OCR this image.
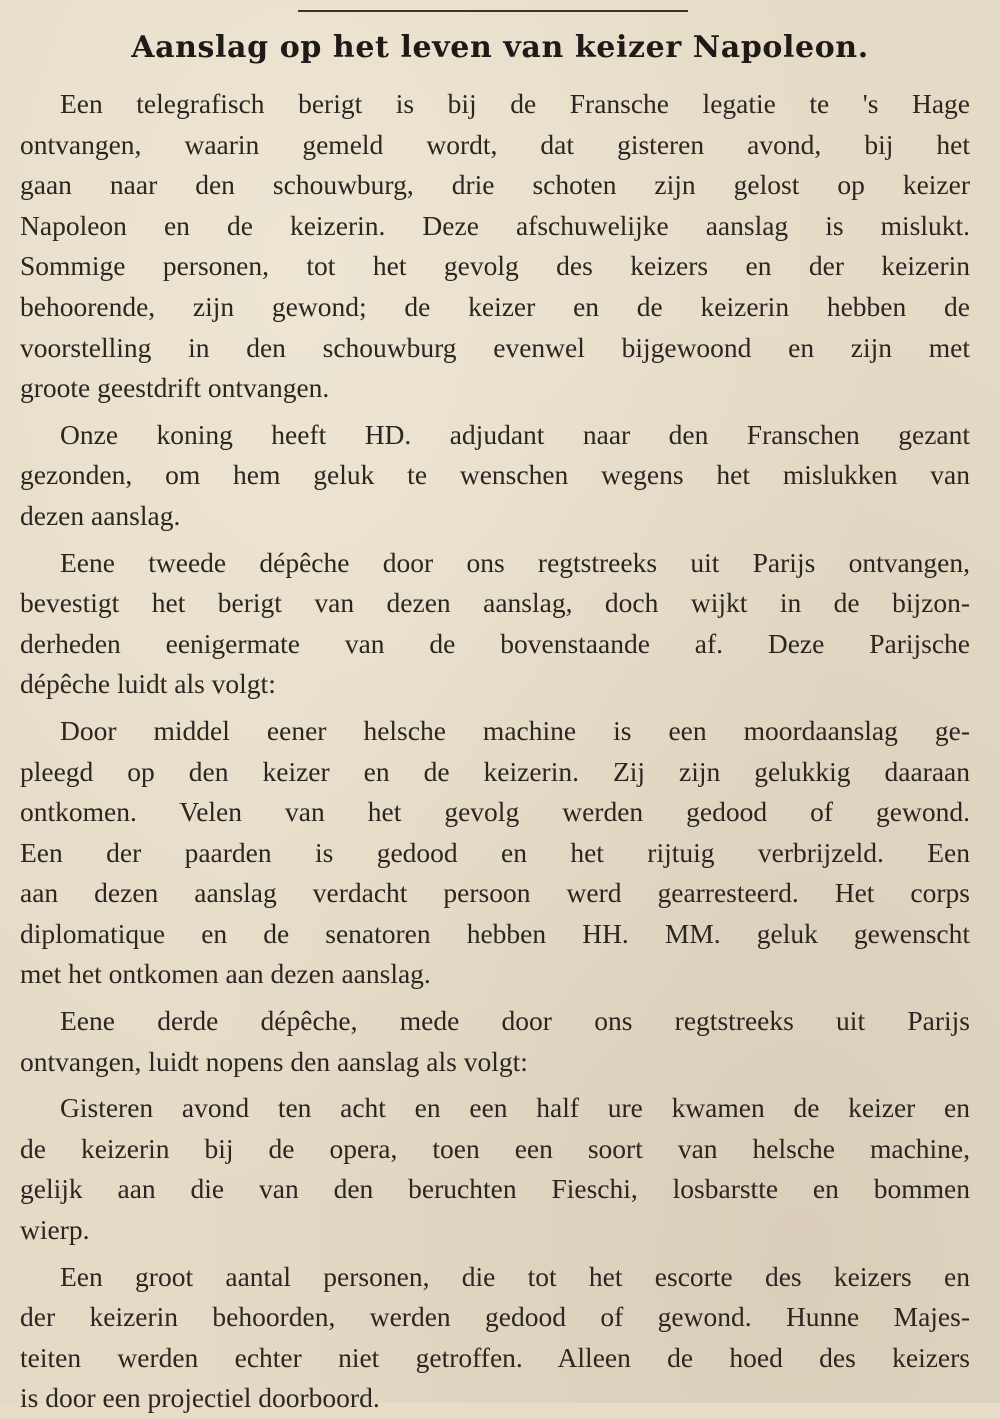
Aanslag op het leven van keizer Napoleon.

Een telegrafisch berigt is bij de Fransche legatie te 's Hage
ontvangen, waarin gemeld wordt, dat gisteren avond, bij het
gaan naar den schouwburg, drie schoten zijn gelost op keizer
Napoleon en de keizerin. Deze afschuwelijke aanslag is mislukt.
Sommige personen, tot het gevolg des keizers en der keizerin
behoorende, zijn gewond; de keizer en de keizerin hebben de
voorstelling in den schouwburg evenwel bijgewoond en zijn met
groote geestdrift ontvangen.

Onze koning heeft HD. adjudant naar den Franschen gezant
gezonden, om hem geluk te wenschen wegens het mislukken van
dezen aanslag.

Eene tweede dépêche door ons regtstreeks uit Parijs ontvangen,
bevestigt het berigt van dezen aanslag, doch wijkt in de bijzon-
derheden eenigermate van de bovenstaande af. Deze Parijsche
dépêche luidt als volgt:

Door middel eener helsche machine is een moordaanslag ge-
pleegd op den keizer en de keizerin. Zij zijn gelukkig daaraan
ontkomen. Velen van het gevolg werden gedood of gewond.
Een der paarden is gedood en het rijtuig verbrijzeld. Een
aan dezen aanslag verdacht persoon werd gearresteerd. Het corps
diplomatique en de senatoren hebben HH. MM. geluk gewenscht
met het ontkomen aan dezen aanslag.

Eene derde dépêche, mede door ons regtstreeks uit Parijs
ontvangen, luidt nopens den aanslag als volgt:

Gisteren avond ten acht en een half ure kwamen de keizer en
de keizerin bij de opera, toen een soort van helsche machine,
gelijk aan die van den beruchten Fieschi, losbarstte en bommen
wierp.

Een groot aantal personen, die tot het escorte des keizers en
der keizerin behoorden, werden gedood of gewond. Hunne Majes-
teiten werden echter niet getroffen. Alleen de hoed des keizers
is door een projectiel doorboord.
